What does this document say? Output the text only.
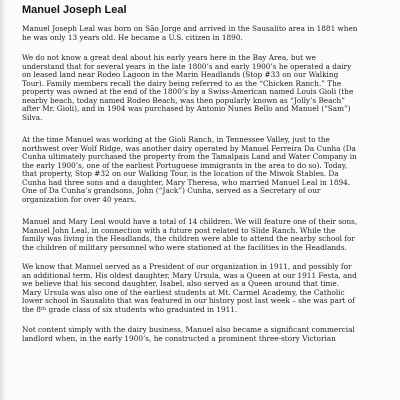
Manuel Joseph Leal
Manuel Joseph Leal was born on São Jorge and arrived in the Sausalito area in 1881 when
he was only 13 years old. He became a U.S. citizen in 1890.
We do not know a great deal about his early years here in the Bay Area, but we
understand that for several years in the late 1800’s and early 1900’s he operated a dairy
on leased land near Rodeo Lagoon in the Marin Headlands (Stop #33 on our Walking
Tour). Family members recall the dairy being referred to as the “Chicken Ranch.” The
property was owned at the end of the 1800’s by a Swiss-American named Louis Gioli (the
nearby beach, today named Rodeo Beach, was then popularly known as “Jolly’s Beach”
after Mr. Gioli), and in 1904 was purchased by Antonio Nunes Bello and Manuel (“Sam”)
Silva.
At the time Manuel was working at the Gioli Ranch, in Tennessee Valley, just to the
northwest over Wolf Ridge, was another dairy operated by Manuel Ferreira Da Cunha (Da
Cunha ultimately purchased the property from the Tamalpais Land and Water Company in
the early 1900’s, one of the earliest Portuguese immigrants in the area to do so). Today,
that property, Stop #32 on our Walking Tour, is the location of the Miwok Stables. Da
Cunha had three sons and a daughter, Mary Theresa, who married Manuel Leal in 1894.
One of Da Cunha’s grandsons, John (“Jack”) Cunha, served as a Secretary of our
organization for over 40 years.
Manuel and Mary Leal would have a total of 14 children. We will feature one of their sons,
Manuel John Leal, in connection with a future post related to Slide Ranch. While the
family was living in the Headlands, the children were able to attend the nearby school for
the children of military personnel who were stationed at the facilities in the Headlands.
We know that Manuel served as a President of our organization in 1911, and possibly for
an additional term. His oldest daughter, Mary Ursula, was a Queen at our 1911 Festa, and
we believe that his second daughter, Isabel, also served as a Queen around that time.
Mary Ursula was also one of the earliest students at Mt. Carmel Academy, the Catholic
lower school in Sausalito that was featured in our history post last week – she was part of
the 8th grade class of six students who graduated in 1911.
Not content simply with the dairy business, Manuel also became a significant commercial
landlord when, in the early 1900’s, he constructed a prominent three-story Victorian
